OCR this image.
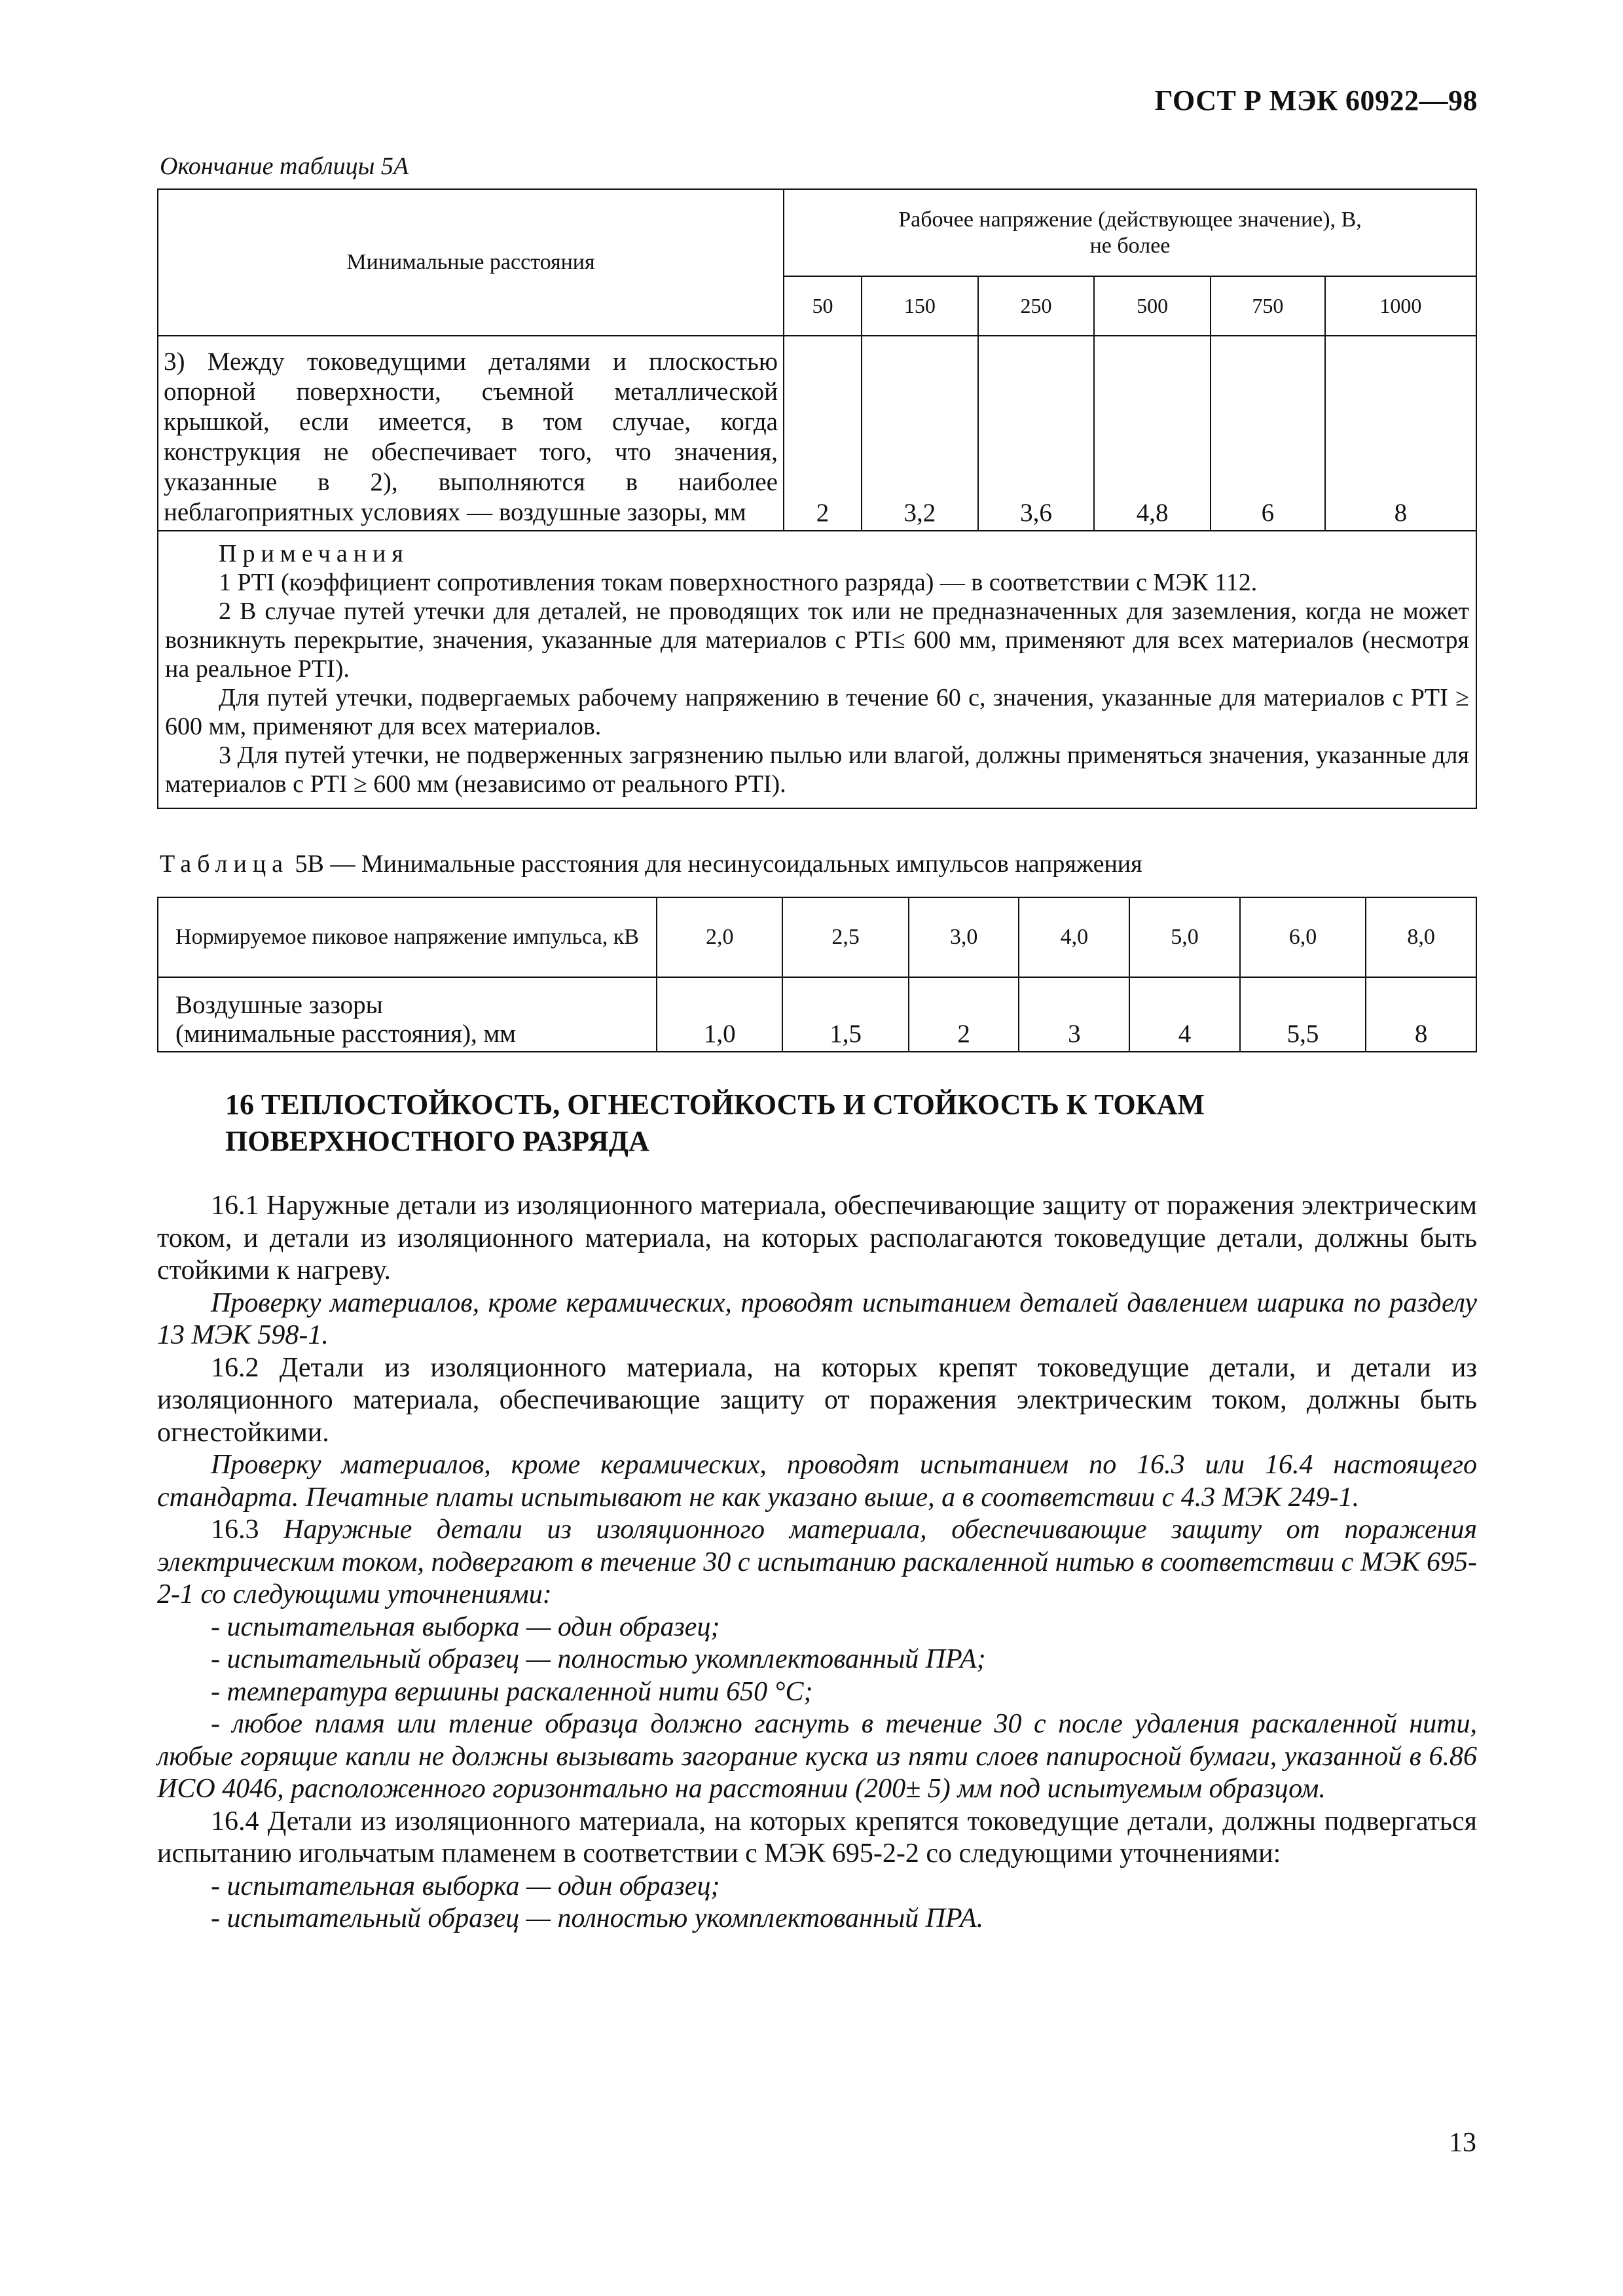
ГОСТ Р МЭК 60922—98
Окончание таблицы 5А
Минимальные расстояния	Рабочее напряжение (действующее значение), В,
не более					

	50	150	250	500	750	1000
3) Между токоведущими деталями и плоскостью опорной поверхности, съемной металлической крышкой, если имеется, в том случае, когда конструкция не обеспечивает того, что значения, указанные в 2), выполняются в наиболее неблагоприятных условиях — воздушные зазоры, мм	2	3,2	3,6	4,8	6	8

Примечания

1 PTI (коэффициент сопротивления токам поверхностного разряда) — в соответствии с МЭК 112.

2 В случае путей утечки для деталей, не проводящих ток или не предназначенных для заземления, когда не может возникнуть перекрытие, значения, указанные для материалов с PTI≤ 600 мм, применяют для всех материалов (несмотря на реальное PTI).

Для путей утечки, подвергаемых рабочему напряжению в течение 60 с, значения, указанные для материалов с PTI ≥ 600 мм, применяют для всех материалов.

3 Для путей утечки, не подверженных загрязнению пылью или влагой, должны применяться значения, указанные для материалов с PTI ≥ 600 мм (независимо от реального PTI).						

Таблица 5В — Минимальные расстояния для несинусоидальных импульсов напряжения
Нормируемое пиковое напряжение импульса, кВ	2,0	2,5	3,0	4,0	5,0	6,0	8,0

Воздушные зазоры
(минимальные расстояния), мм	1,0	1,5	2	3	4	5,5	8
16 ТЕПЛОСТОЙКОСТЬ, ОГНЕСТОЙКОСТЬ И СТОЙКОСТЬ К ТОКАМ
ПОВЕРХНОСТНОГО РАЗРЯДА

16.1 Наружные детали из изоляционного материала, обеспечивающие защиту от поражения электрическим током, и детали из изоляционного материала, на которых располагаются токоведущие детали, должны быть стойкими к нагреву.

Проверку материалов, кроме керамических, проводят испытанием деталей давлением шарика по разделу 13 МЭК 598-1.

16.2 Детали из изоляционного материала, на которых крепят токоведущие детали, и детали из изоляционного материала, обеспечивающие защиту от поражения электрическим током, должны быть огнестойкими.

Проверку материалов, кроме керамических, проводят испытанием по 16.3 или 16.4 настоящего стандарта. Печатные платы испытывают не как указано выше, а в соответствии с 4.3 МЭК 249-1.

16.3 Наружные детали из изоляционного материала, обеспечивающие защиту от поражения электрическим током, подвергают в течение 30 с испытанию раскаленной нитью в соответствии с МЭК 695-2-1 со следующими уточнениями:

- испытательная выборка — один образец;

- испытательный образец — полностью укомплектованный ПРА;

- температура вершины раскаленной нити 650 °С;

- любое пламя или тление образца должно гаснуть в течение 30 с после удаления раскаленной нити, любые горящие капли не должны вызывать загорание куска из пяти слоев папиросной бумаги, указанной в 6.86 ИСО 4046, расположенного горизонтально на расстоянии (200± 5) мм под испытуемым образцом.

16.4 Детали из изоляционного материала, на которых крепятся токоведущие детали, должны подвергаться испытанию игольчатым пламенем в соответствии с МЭК 695-2-2 со следующими уточнениями:

- испытательная выборка — один образец;

- испытательный образец — полностью укомплектованный ПРА.

13
